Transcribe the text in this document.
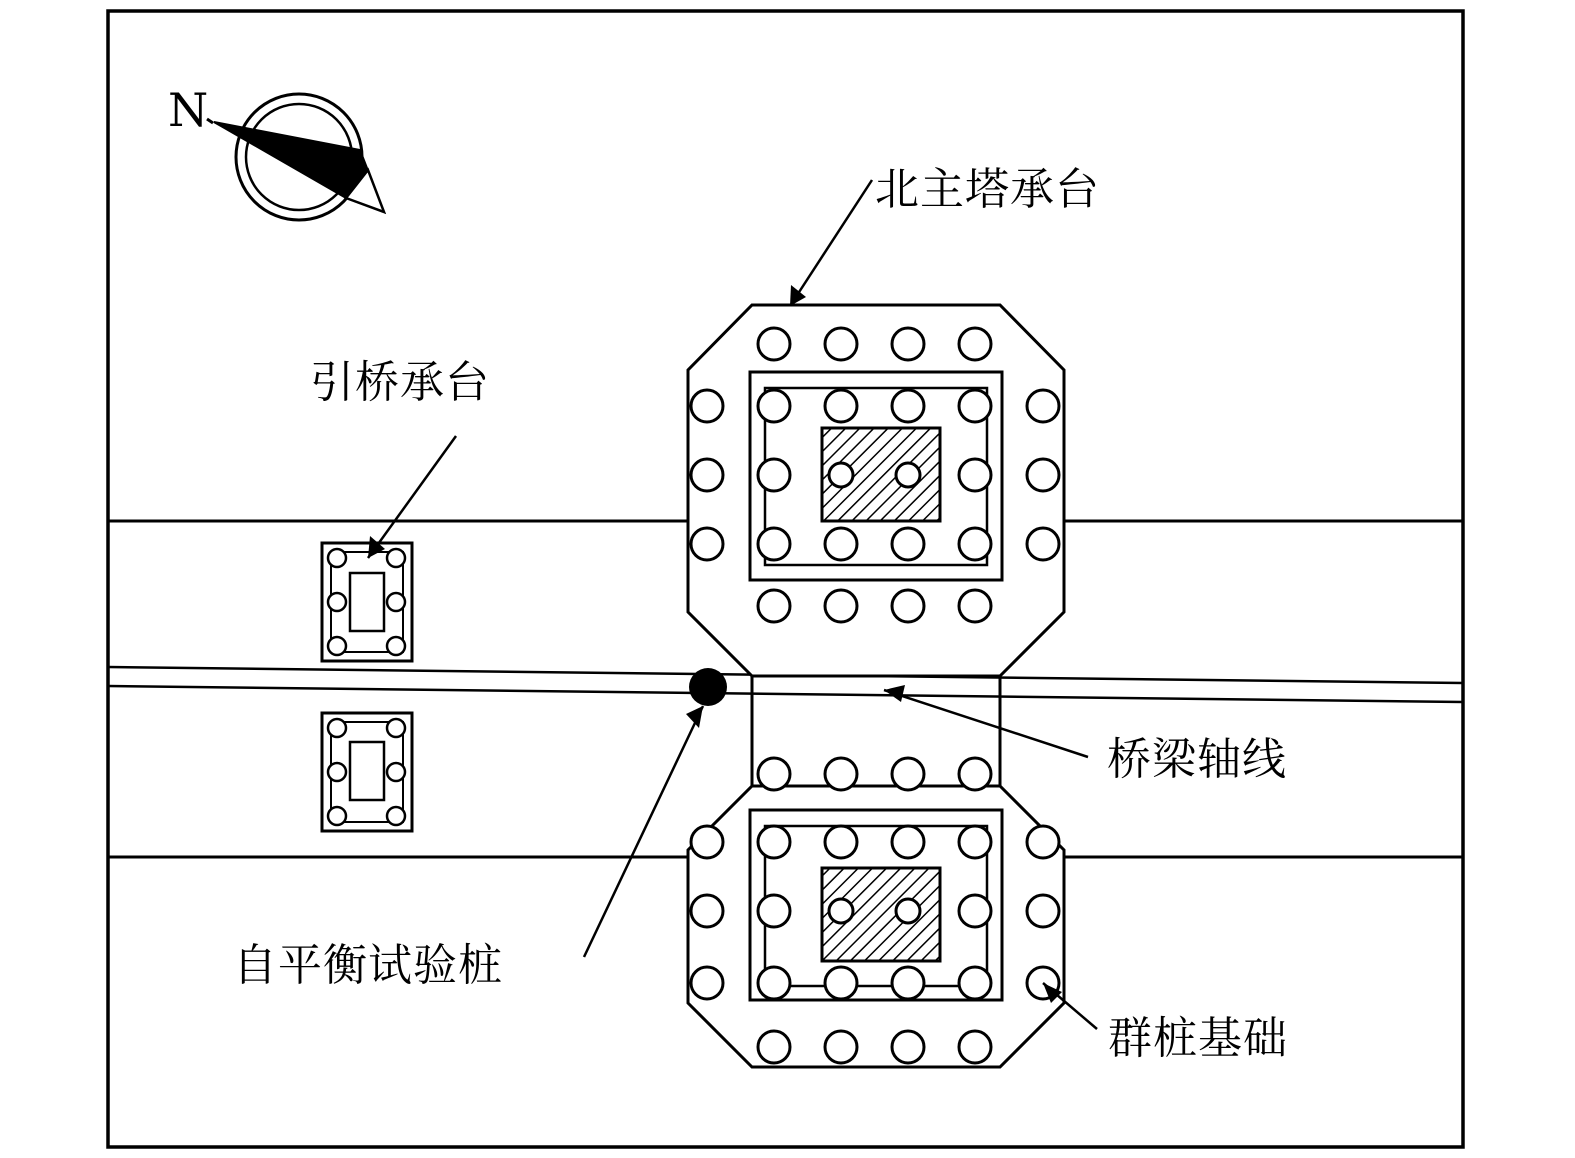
N
北主塔承台
引桥承台
桥梁轴线
自平衡试验桩
群桩基础
